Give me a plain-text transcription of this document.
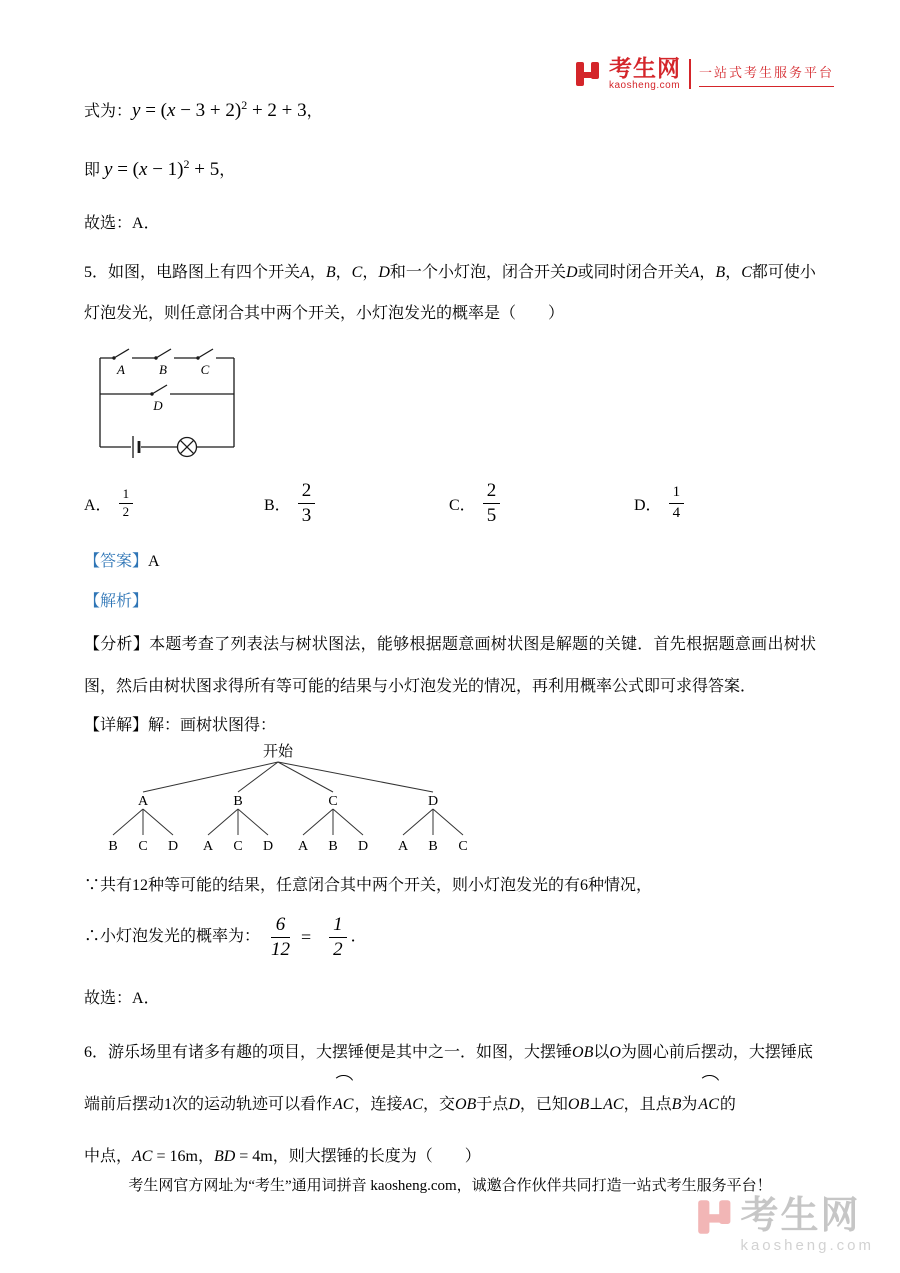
考生网
kaosheng.com
一站式考生服务平台

式为：$y = (x - 3 + 2)^2 + 2 + 3$，

即 $y = (x - 1)^2 + 5$，

故选：A．

5．如图，电路图上有四个开关A，B，C，D和一个小灯泡，闭合开关D或同时闭合开关A，B，C都可使小灯泡发光，则任意闭合其中两个开关，小灯泡发光的概率是（　　）

A	B	C
D
A． $\frac{1}{2}$	B． $\frac{2}{3}$	C． $\frac{2}{5}$	D． $\frac{1}{4}$

【答案】A

【解析】

【分析】本题考查了列表法与树状图法，能够根据题意画树状图是解题的关键．首先根据题意画出树状图，然后由树状图求得所有等可能的结果与小灯泡发光的情况，再利用概率公式即可求得答案．

【详解】解：画树状图得：

开始
A	B	C	D
B C D A C D A B D A B C

∵共有12种等可能的结果，任意闭合其中两个开关，则小灯泡发光的有6种情况，

∴小灯泡发光的概率为： $\frac{6}{12} = \frac{1}{2}$ ．

故选：A．

6．游乐场里有诸多有趣的项目，大摆锤便是其中之一．如图，大摆锤OB以O为圆心前后摆动，大摆锤底

端前后摆动1次的运动轨迹可以看作AC，连接AC，交OB于点D，已知OB⊥AC，且点B为AC的

中点，AC = 16m，BD = 4m，则大摆锤的长度为（　　）

考生网官方网址为“考生”通用词拼音 kaosheng.com，诚邀合作伙伴共同打造一站式考生服务平台！
考生网
kaosheng.com
